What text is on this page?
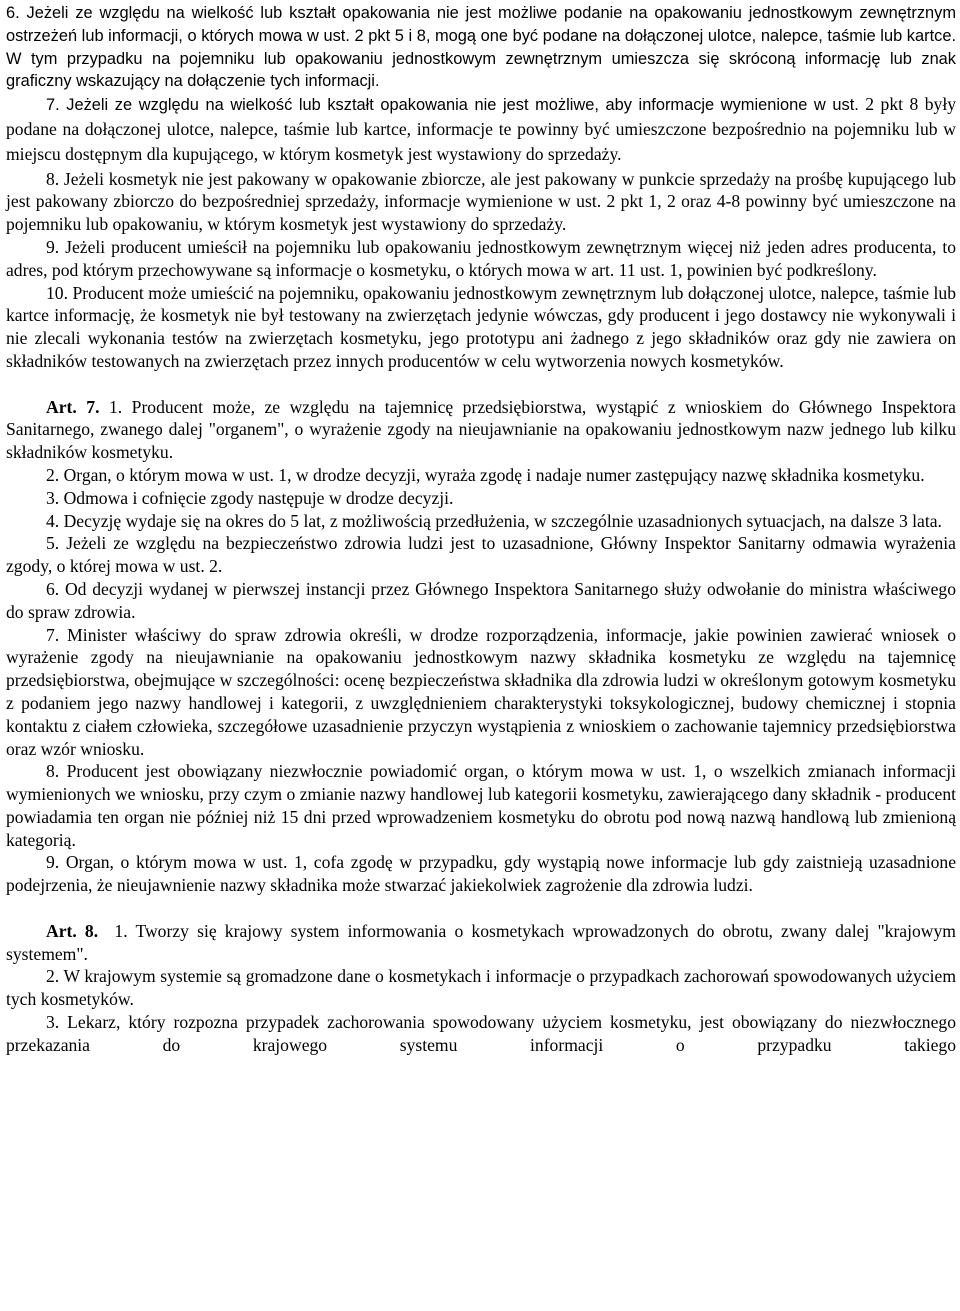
6. Jeżeli ze względu na wielkość lub kształt opakowania nie jest możliwe podanie na opakowaniu jednostkowym zewnętrznym ostrzeżeń lub informacji, o których mowa w ust. 2 pkt 5 i 8, mogą one być podane na dołączonej ulotce, nalepce, taśmie lub kartce. W tym przypadku na pojemniku lub opakowaniu jednostkowym zewnętrznym umieszcza się skróconą informację lub znak graficzny wskazujący na dołączenie tych informacji.

7. Jeżeli ze względu na wielkość lub kształt opakowania nie jest możliwe, aby informacje wymienione w ust. 2 pkt 8 były podane na dołączonej ulotce, nalepce, taśmie lub kartce, informacje te powinny być umieszczone bezpośrednio na pojemniku lub w miejscu dostępnym dla kupującego, w którym kosmetyk jest wystawiony do sprzedaży.

8. Jeżeli kosmetyk nie jest pakowany w opakowanie zbiorcze, ale jest pakowany w punkcie sprzedaży na prośbę kupującego lub jest pakowany zbiorczo do bezpośredniej sprzedaży, informacje wymienione w ust. 2 pkt 1, 2 oraz 4-8 powinny być umieszczone na pojemniku lub opakowaniu, w którym kosmetyk jest wystawiony do sprzedaży.

9. Jeżeli producent umieścił na pojemniku lub opakowaniu jednostkowym zewnętrznym więcej niż jeden adres producenta, to adres, pod którym przechowywane są informacje o kosmetyku, o których mowa w art. 11 ust. 1, powinien być podkreślony.

10. Producent może umieścić na pojemniku, opakowaniu jednostkowym zewnętrznym lub dołączonej ulotce, nalepce, taśmie lub kartce informację, że kosmetyk nie był testowany na zwierzętach jedynie wówczas, gdy producent i jego dostawcy nie wykonywali i nie zlecali wykonania testów na zwierzętach kosmetyku, jego prototypu ani żadnego z jego składników oraz gdy nie zawiera on składników testowanych na zwierzętach przez innych producentów w celu wytworzenia nowych kosmetyków.

Art. 7. 1. Producent może, ze względu na tajemnicę przedsiębiorstwa, wystąpić z wnioskiem do Głównego Inspektora Sanitarnego, zwanego dalej "organem", o wyrażenie zgody na nieujawnianie na opakowaniu jednostkowym nazw jednego lub kilku składników kosmetyku.

2. Organ, o którym mowa w ust. 1, w drodze decyzji, wyraża zgodę i nadaje numer zastępujący nazwę składnika kosmetyku.

3. Odmowa i cofnięcie zgody następuje w drodze decyzji.

4. Decyzję wydaje się na okres do 5 lat, z możliwością przedłużenia, w szczególnie uzasadnionych sytuacjach, na dalsze 3 lata.

5. Jeżeli ze względu na bezpieczeństwo zdrowia ludzi jest to uzasadnione, Główny Inspektor Sanitarny odmawia wyrażenia zgody, o której mowa w ust. 2.

6. Od decyzji wydanej w pierwszej instancji przez Głównego Inspektora Sanitarnego służy odwołanie do ministra właściwego do spraw zdrowia.

7. Minister właściwy do spraw zdrowia określi, w drodze rozporządzenia, informacje, jakie powinien zawierać wniosek o wyrażenie zgody na nieujawnianie na opakowaniu jednostkowym nazwy składnika kosmetyku ze względu na tajemnicę przedsiębiorstwa, obejmujące w szczególności: ocenę bezpieczeństwa składnika dla zdrowia ludzi w określonym gotowym kosmetyku z podaniem jego nazwy handlowej i kategorii, z uwzględnieniem charakterystyki toksykologicznej, budowy chemicznej i stopnia kontaktu z ciałem człowieka, szczegółowe uzasadnienie przyczyn wystąpienia z wnioskiem o zachowanie tajemnicy przedsiębiorstwa oraz wzór wniosku.

8. Producent jest obowiązany niezwłocznie powiadomić organ, o którym mowa w ust. 1, o wszelkich zmianach informacji wymienionych we wniosku, przy czym o zmianie nazwy handlowej lub kategorii kosmetyku, zawierającego dany składnik - producent powiadamia ten organ nie później niż 15 dni przed wprowadzeniem kosmetyku do obrotu pod nową nazwą handlową lub zmienioną kategorią.

9. Organ, o którym mowa w ust. 1, cofa zgodę w przypadku, gdy wystąpią nowe informacje lub gdy zaistnieją uzasadnione podejrzenia, że nieujawnienie nazwy składnika może stwarzać jakiekolwiek zagrożenie dla zdrowia ludzi.

Art. 8.  1. Tworzy się krajowy system informowania o kosmetykach wprowadzonych do obrotu, zwany dalej "krajowym systemem".

2. W krajowym systemie są gromadzone dane o kosmetykach i informacje o przypadkach zachorowań spowodowanych użyciem tych kosmetyków.

3. Lekarz, który rozpozna przypadek zachorowania spowodowany użyciem kosmetyku, jest obowiązany do niezwłocznego przekazania do krajowego systemu informacji o przypadku takiego
